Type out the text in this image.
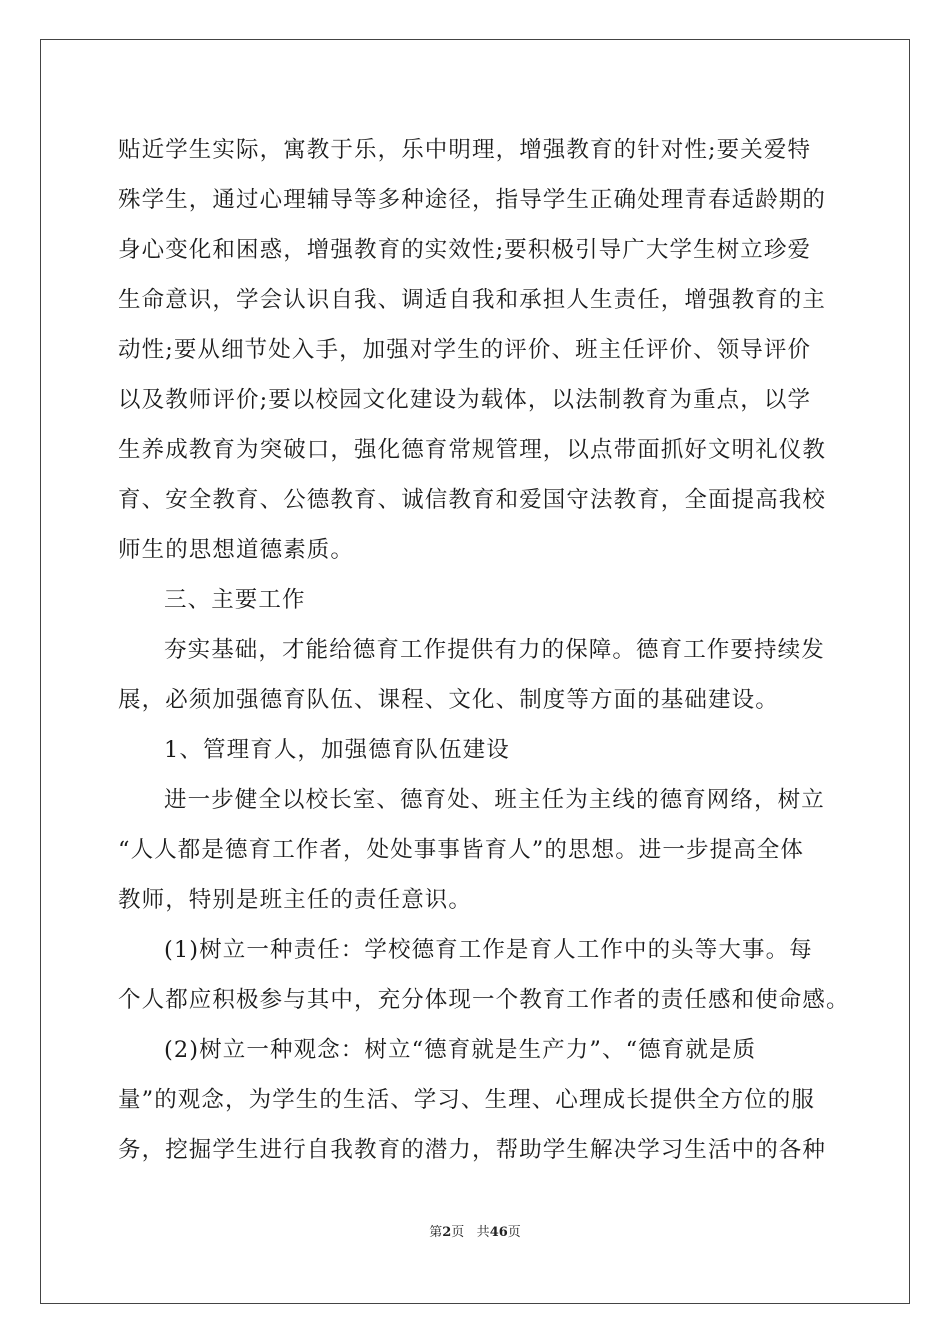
贴近学生实际，寓教于乐，乐中明理，增强教育的针对性;要关爱特
殊学生，通过心理辅导等多种途径，指导学生正确处理青春适龄期的
身心变化和困惑，增强教育的实效性;要积极引导广大学生树立珍爱
生命意识，学会认识自我、调适自我和承担人生责任，增强教育的主
动性;要从细节处入手，加强对学生的评价、班主任评价、领导评价
以及教师评价;要以校园文化建设为载体，以法制教育为重点，以学
生养成教育为突破口，强化德育常规管理，以点带面抓好文明礼仪教
育、安全教育、公德教育、诚信教育和爱国守法教育，全面提高我校
师生的思想道德素质。
三、主要工作
夯实基础，才能给德育工作提供有力的保障。德育工作要持续发
展，必须加强德育队伍、课程、文化、制度等方面的基础建设。
1、管理育人，加强德育队伍建设
进一步健全以校长室、德育处、班主任为主线的德育网络，树立
“人人都是德育工作者，处处事事皆育人”的思想。进一步提高全体
教师，特别是班主任的责任意识。
(1)树立一种责任：学校德育工作是育人工作中的头等大事。每
个人都应积极参与其中，充分体现一个教育工作者的责任感和使命感。
(2)树立一种观念：树立“德育就是生产力”、“德育就是质
量”的观念，为学生的生活、学习、生理、心理成长提供全方位的服
务，挖掘学生进行自我教育的潜力，帮助学生解决学习生活中的各种
第2页 共46页
